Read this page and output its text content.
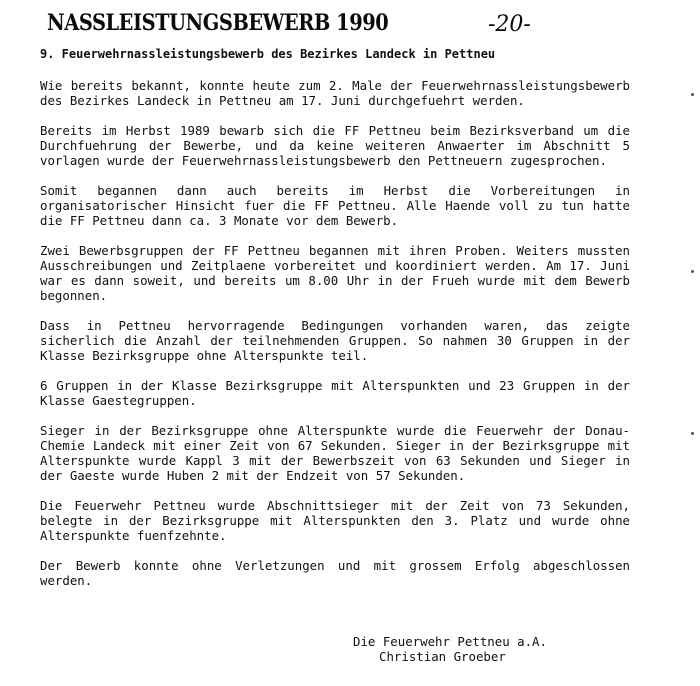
NASSLEISTUNGSBEWERB 1990	-20-
9. Feuerwehrnassleistungsbewerb des Bezirkes Landeck in Pettneu

Wie bereits bekannt, konnte heute zum 2. Male der Feuerwehrnassleistungsbewerb des Bezirkes Landeck in Pettneu am 17. Juni durchgefuehrt werden.

Bereits im Herbst 1989 bewarb sich die FF Pettneu beim Bezirksverband um die Durchfuehrung der Bewerbe, und da keine weiteren Anwaerter im Abschnitt 5 vorlagen wurde der Feuerwehrnassleistungsbewerb den Pettneuern zugesprochen.

Somit begannen dann auch bereits im Herbst die Vorbereitungen in organisatorischer Hinsicht fuer die FF Pettneu. Alle Haende voll zu tun hatte die FF Pettneu dann ca. 3 Monate vor dem Bewerb.

Zwei Bewerbsgruppen der FF Pettneu begannen mit ihren Proben. Weiters mussten Ausschreibungen und Zeitplaene vorbereitet und koordiniert werden. Am 17. Juni war es dann soweit, und bereits um 8.00 Uhr in der Frueh wurde mit dem Bewerb begonnen.

Dass in Pettneu hervorragende Bedingungen vorhanden waren, das zeigte sicherlich die Anzahl der teilnehmenden Gruppen. So nahmen 30 Gruppen in der Klasse Bezirksgruppe ohne Alterspunkte teil.

6 Gruppen in der Klasse Bezirksgruppe mit Alterspunkten und 23 Gruppen in der Klasse Gaestegruppen.

Sieger in der Bezirksgruppe ohne Alterspunkte wurde die Feuerwehr der Donau-Chemie Landeck mit einer Zeit von 67 Sekunden. Sieger in der Bezirksgruppe mit Alterspunkte wurde Kappl 3 mit der Bewerbszeit von 63 Sekunden und Sieger in der Gaeste wurde Huben 2 mit der Endzeit von 57 Sekunden.

Die Feuerwehr Pettneu wurde Abschnittsieger mit der Zeit von 73 Sekunden, belegte in der Bezirksgruppe mit Alterspunkten den 3. Platz und wurde ohne Alterspunkte fuenfzehnte.

Der Bewerb konnte ohne Verletzungen und mit grossem Erfolg abgeschlossen werden.

Die Feuerwehr Pettneu a.A.
Christian Groeber
